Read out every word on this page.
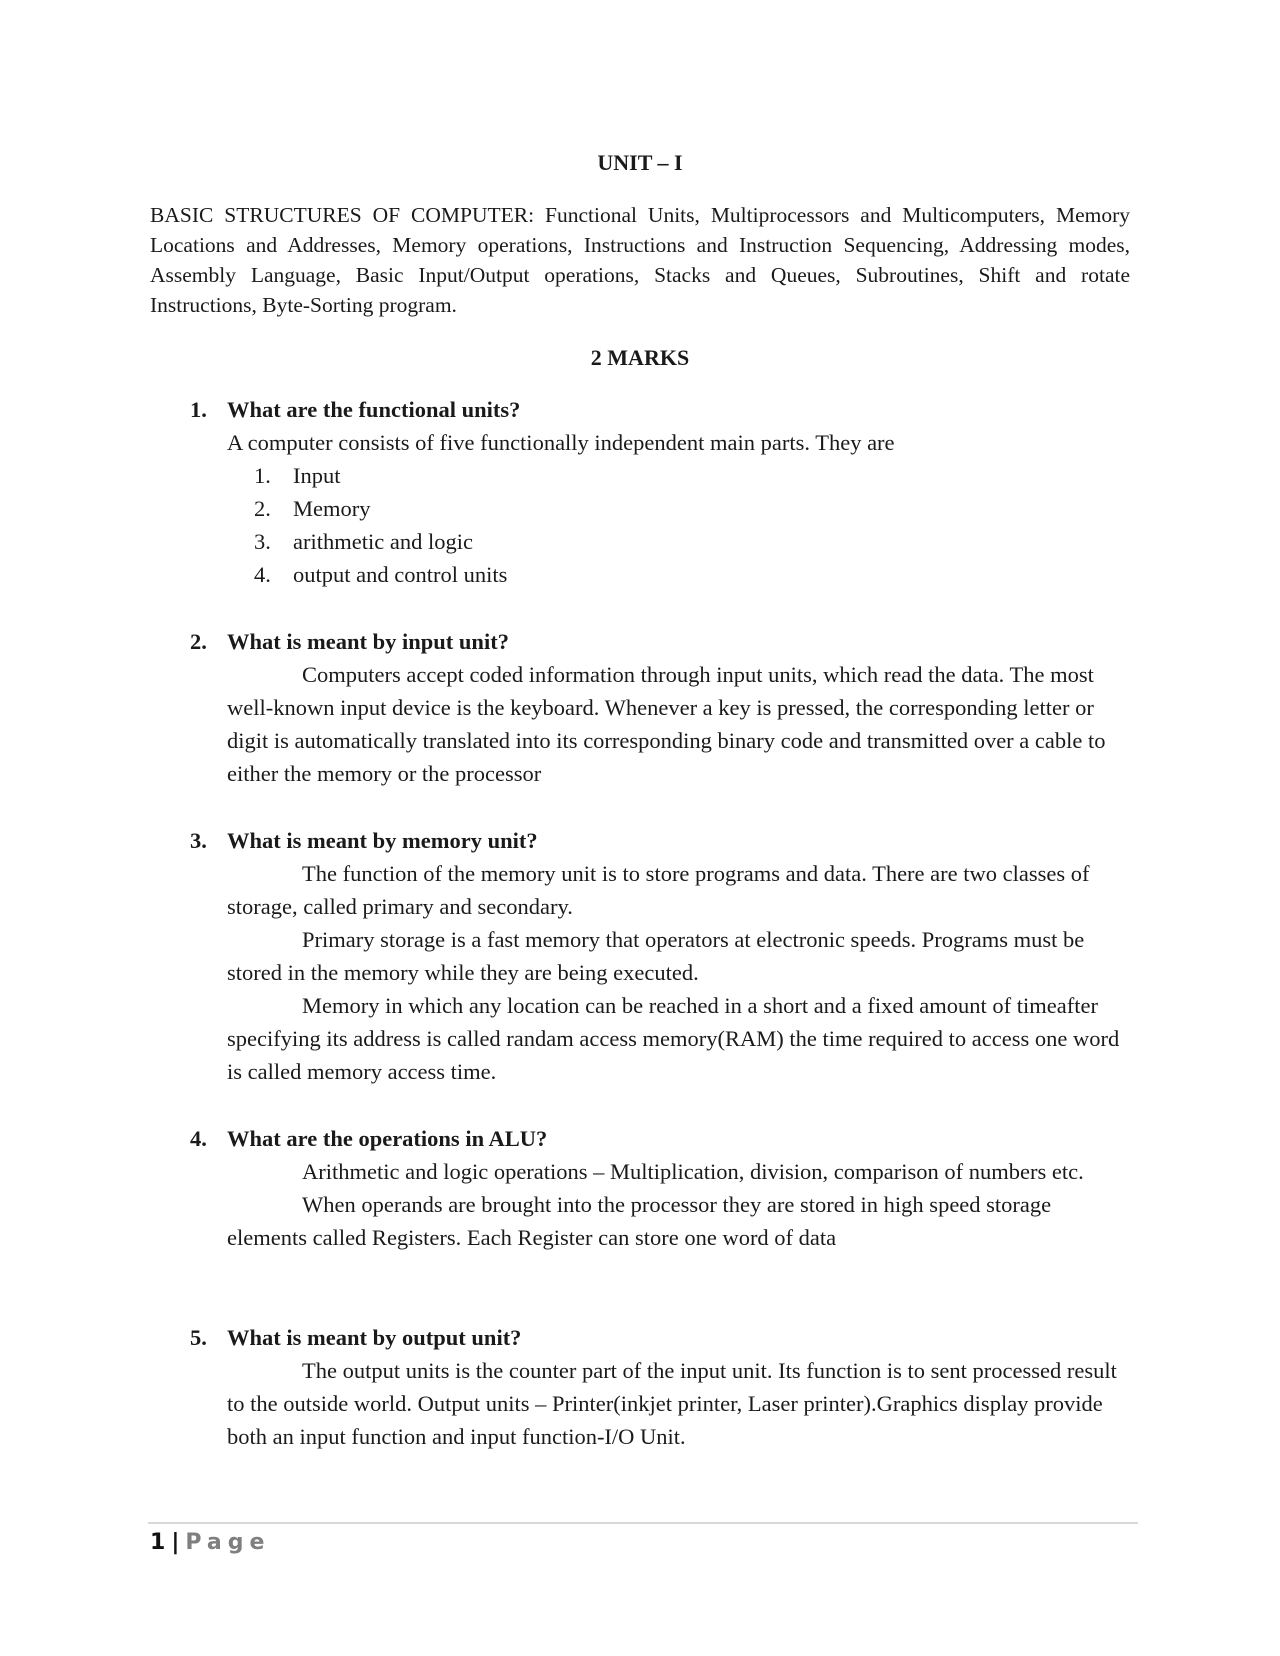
UNIT – I
BASIC STRUCTURES OF COMPUTER: Functional Units, Multiprocessors and Multicomputers, Memory Locations and Addresses, Memory operations, Instructions and Instruction Sequencing, Addressing modes, Assembly Language, Basic Input/Output operations, Stacks and Queues, Subroutines, Shift and rotate Instructions, Byte-Sorting program.
2 MARKS
1. What are the functional units?

A computer consists of five functionally independent main parts. They are

1. Input
2. Memory
3. arithmetic and logic
4. output and control units
2. What is meant by input unit?

Computers accept coded information through input units, which read the data. The most well-known input device is the keyboard. Whenever a key is pressed, the corresponding letter or digit is automatically translated into its corresponding binary code and transmitted over a cable to either the memory or the processor

3. What is meant by memory unit?

The function of the memory unit is to store programs and data. There are two classes of storage, called primary and secondary.

Primary storage is a fast memory that operators at electronic speeds. Programs must be stored in the memory while they are being executed.

Memory in which any location can be reached in a short and a fixed amount of timeafter specifying its address is called randam access memory(RAM) the time required to access one word is called memory access time.

4. What are the operations in ALU?

Arithmetic and logic operations – Multiplication, division, comparison of numbers etc.

When operands are brought into the processor they are stored in high speed storage elements called Registers. Each Register can store one word of data

5. What is meant by output unit?

The output units is the counter part of the input unit. Its function is to sent processed result to the outside world. Output units – Printer(inkjet printer, Laser printer).Graphics display provide both an input function and input function-I/O Unit.

1 | Page
